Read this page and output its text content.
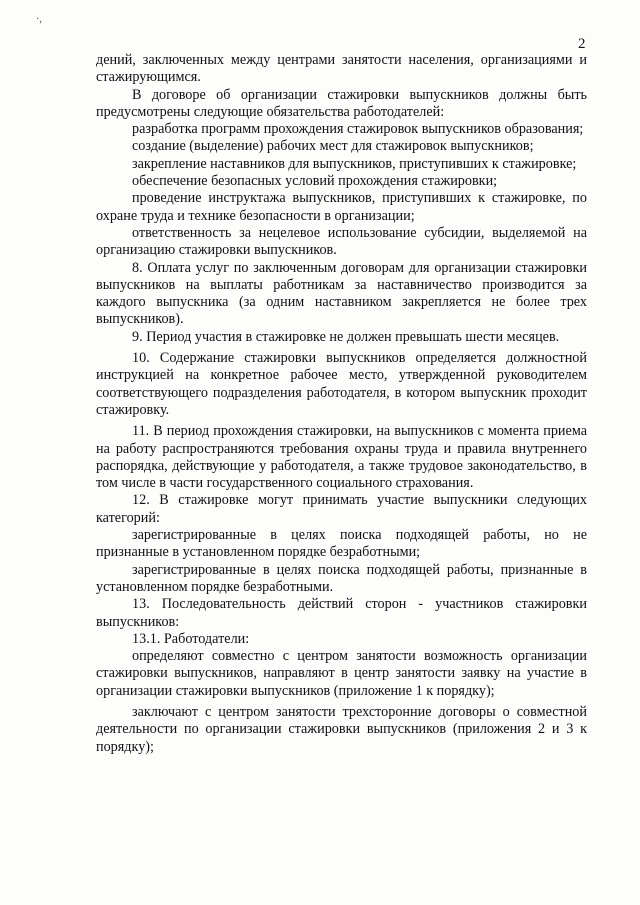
·,
2

дений, заключенных между центрами занятости населения, организациями и стажирующимся.

В договоре об организации стажировки выпускников должны быть предусмотрены следующие обязательства работодателей:

разработка программ прохождения стажировок выпускников образования;

создание (выделение) рабочих мест для стажировок выпускников;

закрепление наставников для выпускников, приступивших к стажировке;

обеспечение безопасных условий прохождения стажировки;

проведение инструктажа выпускников, приступивших к стажировке, по охране труда и технике безопасности в организации;

ответственность за нецелевое использование субсидии, выделяемой на организацию стажировки выпускников.

8. Оплата услуг по заключенным договорам для организации стажировки выпускников на выплаты работникам за наставничество производится за каждого выпускника (за одним наставником закрепляется не более трех выпускников).

9. Период участия в стажировке не должен превышать шести месяцев.

10. Содержание стажировки выпускников определяется должностной инструкцией на конкретное рабочее место, утвержденной руководителем соответствующего подразделения работодателя, в котором выпускник проходит стажировку.

11. В период прохождения стажировки, на выпускников с момента приема на работу распространяются требования охраны труда и правила внутреннего распорядка, действующие у работодателя, а также трудовое законодательство, в том числе в части государственного социального страхования.

12. В стажировке могут принимать участие выпускники следующих категорий:

зарегистрированные в целях поиска подходящей работы, но не признанные в установленном порядке безработными;

зарегистрированные в целях поиска подходящей работы, признанные в установленном порядке безработными.

13. Последовательность действий сторон - участников стажировки выпускников:

13.1. Работодатели:

определяют совместно с центром занятости возможность организации стажировки выпускников, направляют в центр занятости заявку на участие в организации стажировки выпускников (приложение 1 к порядку);

заключают с центром занятости трехсторонние договоры о совместной деятельности по организации стажировки выпускников (приложения 2 и 3 к порядку);
